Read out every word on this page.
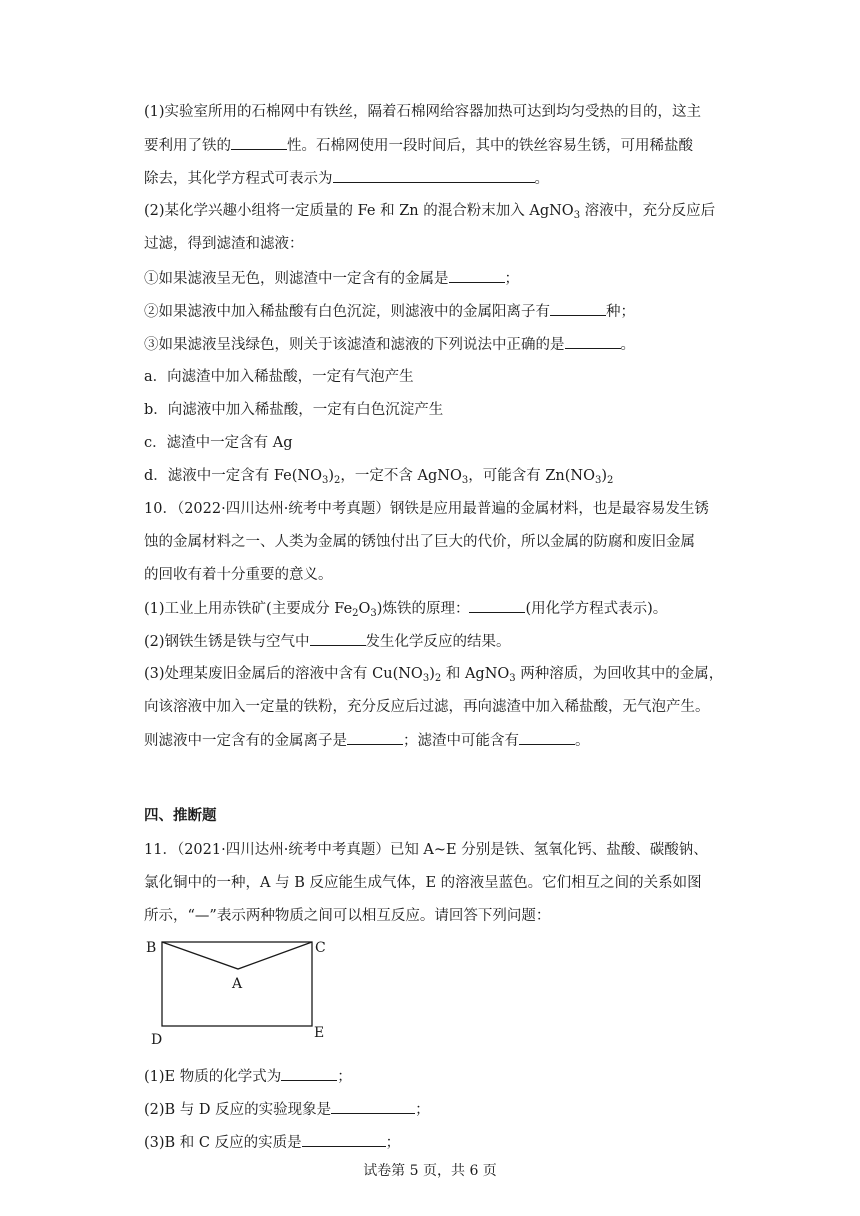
(1)实验室所用的石棉网中有铁丝，隔着石棉网给容器加热可达到均匀受热的目的，这主
要利用了铁的	性。石棉网使用一段时间后，其中的铁丝容易生锈，可用稀盐酸
除去，其化学方程式可表示为	。
(2)某化学兴趣小组将一定质量的 Fe 和 Zn 的混合粉末加入 AgNO$_3$ 溶液中，充分反应后
过滤，得到滤渣和滤液：
①如果滤液呈无色，则滤渣中一定含有的金属是	；
②如果滤液中加入稀盐酸有白色沉淀，则滤液中的金属阳离子有	种；
③如果滤液呈浅绿色，则关于该滤渣和滤液的下列说法中正确的是	。
a．向滤渣中加入稀盐酸，一定有气泡产生
b．向滤液中加入稀盐酸，一定有白色沉淀产生
c．滤渣中一定含有 Ag
d．滤液中一定含有 $Fe(NO_3)_2$，一定不含 AgNO$_3$，可能含有 $Zn(NO_3)_2$
10．（2022·四川达州·统考中考真题）钢铁是应用最普遍的金属材料，也是最容易发生锈
蚀的金属材料之一、人类为金属的锈蚀付出了巨大的代价，所以金属的防腐和废旧金属
的回收有着十分重要的意义。
(1)工业上用赤铁矿(主要成分 $Fe_2O_3$)炼铁的原理：	(用化学方程式表示)。
(2)钢铁生锈是铁与空气中	发生化学反应的结果。
(3)处理某废旧金属后的溶液中含有 $Cu(NO_3)_2$ 和 AgNO$_3$ 两种溶质，为回收其中的金属，
向该溶液中加入一定量的铁粉，充分反应后过滤，再向滤渣中加入稀盐酸，无气泡产生。
则滤液中一定含有的金属离子是	；滤渣中可能含有	。
四、推断题
11．（2021·四川达州·统考中考真题）已知 A~E 分别是铁、氢氧化钙、盐酸、碳酸钠、
氯化铜中的一种，A 与 B 反应能生成气体，E 的溶液呈蓝色。它们相互之间的关系如图
所示，“—”表示两种物质之间可以相互反应。请回答下列问题：
B	C
A
D	E
(1)E 物质的化学式为	；
(2)B 与 D 反应的实验现象是	；
(3)B 和 C 反应的实质是	；
试卷第 5 页，共 6 页
